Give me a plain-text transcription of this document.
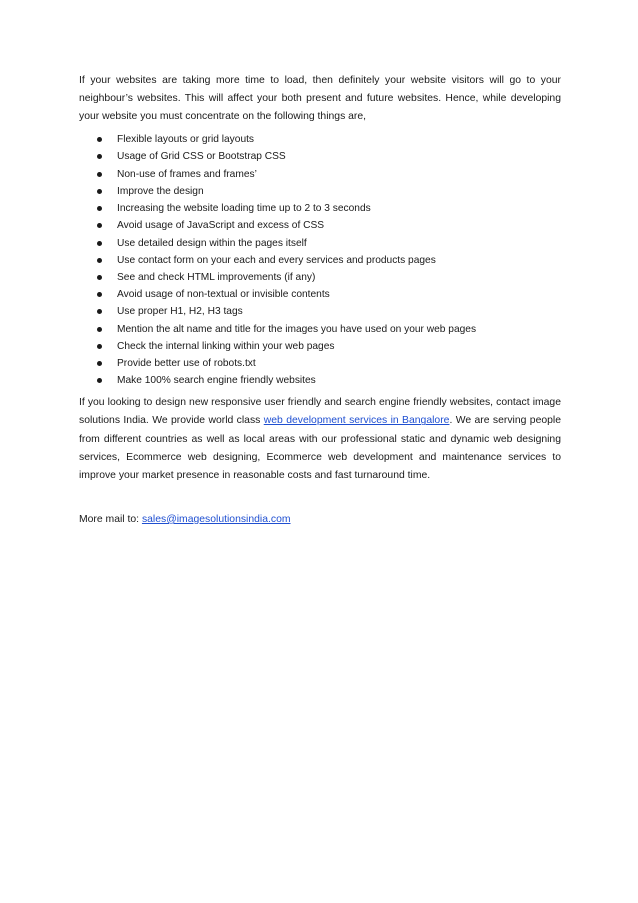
If your websites are taking more time to load, then definitely your website visitors will go to your neighbour’s websites. This will affect your both present and future websites. Hence, while developing your website you must concentrate on the following things are,

Flexible layouts or grid layouts
Usage of Grid CSS or Bootstrap CSS
Non-use of frames and frames’
Improve the design
Increasing the website loading time up to 2 to 3 seconds
Avoid usage of JavaScript and excess of CSS
Use detailed design within the pages itself
Use contact form on your each and every services and products pages
See and check HTML improvements (if any)
Avoid usage of non-textual or invisible contents
Use proper H1, H2, H3 tags
Mention the alt name and title for the images you have used on your web pages
Check the internal linking within your web pages
Provide better use of robots.txt
Make 100% search engine friendly websites

If you looking to design new responsive user friendly and search engine friendly websites, contact image solutions India. We provide world class web development services in Bangalore. We are serving people from different countries as well as local areas with our professional static and dynamic web designing services, Ecommerce web designing, Ecommerce web development and maintenance services to improve your market presence in reasonable costs and fast turnaround time.

More mail to: sales@imagesolutionsindia.com
